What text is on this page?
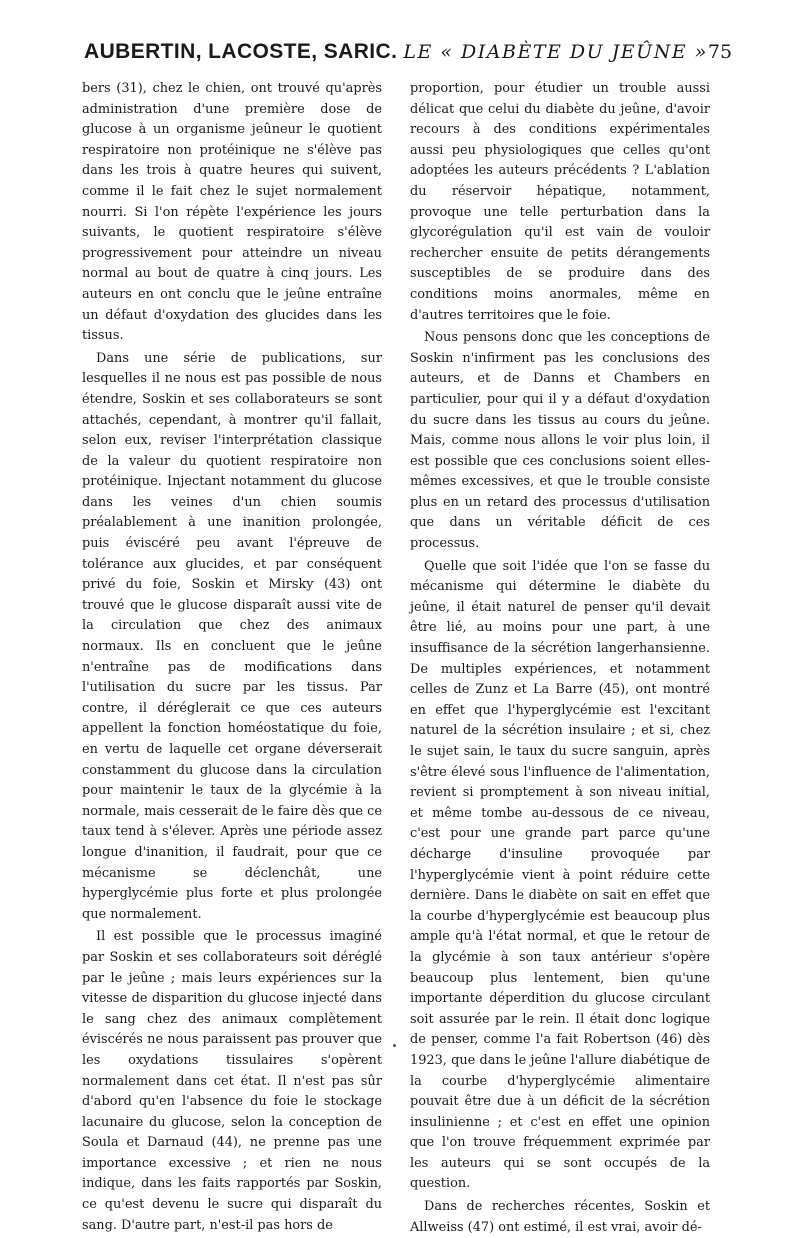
AUBERTIN, LACOSTE, SARIC. LE « DIABÈTE DU JEÛNE » 75

bers (31), chez le chien, ont trouvé qu'après administration d'une première dose de glucose à un organisme jeûneur le quotient respiratoire non protéinique ne s'élève pas dans les trois à quatre heures qui suivent, comme il le fait chez le sujet normalement nourri. Si l'on répète l'expérience les jours suivants, le quotient respiratoire s'élève progressivement pour atteindre un niveau normal au bout de quatre à cinq jours. Les auteurs en ont conclu que le jeûne entraîne un défaut d'oxydation des glucides dans les tissus.

Dans une série de publications, sur lesquelles il ne nous est pas possible de nous étendre, Soskin et ses collaborateurs se sont attachés, cependant, à montrer qu'il fallait, selon eux, reviser l'interprétation classique de la valeur du quotient respiratoire non protéinique. Injectant notamment du glucose dans les veines d'un chien soumis préalablement à une inanition prolongée, puis éviscéré peu avant l'épreuve de tolérance aux glucides, et par conséquent privé du foie, Soskin et Mirsky (43) ont trouvé que le glucose disparaît aussi vite de la circulation que chez des animaux normaux. Ils en concluent que le jeûne n'entraîne pas de modifications dans l'utilisation du sucre par les tissus. Par contre, il déréglerait ce que ces auteurs appellent la fonction homéostatique du foie, en vertu de laquelle cet organe déverserait constamment du glucose dans la circulation pour maintenir le taux de la glycémie à la normale, mais cesserait de le faire dès que ce taux tend à s'élever. Après une période assez longue d'inanition, il faudrait, pour que ce mécanisme se déclenchât, une hyperglycémie plus forte et plus prolongée que normalement.

Il est possible que le processus imaginé par Soskin et ses collaborateurs soit déréglé par le jeûne ; mais leurs expériences sur la vitesse de disparition du glucose injecté dans le sang chez des animaux complètement éviscérés ne nous paraissent pas prouver que les oxydations tissulaires s'opèrent normalement dans cet état. Il n'est pas sûr d'abord qu'en l'absence du foie le stockage lacunaire du glucose, selon la conception de Soula et Darnaud (44), ne prenne pas une importance excessive ; et rien ne nous indique, dans les faits rapportés par Soskin, ce qu'est devenu le sucre qui disparaît du sang. D'autre part, n'est-il pas hors de

proportion, pour étudier un trouble aussi délicat que celui du diabète du jeûne, d'avoir recours à des conditions expérimentales aussi peu physiologiques que celles qu'ont adoptées les auteurs précédents ? L'ablation du réservoir hépatique, notamment, provoque une telle perturbation dans la glycorégulation qu'il est vain de vouloir rechercher ensuite de petits dérangements susceptibles de se produire dans des conditions moins anormales, même en d'autres territoires que le foie.

Nous pensons donc que les conceptions de Soskin n'infirment pas les conclusions des auteurs, et de Danns et Chambers en particulier, pour qui il y a défaut d'oxydation du sucre dans les tissus au cours du jeûne. Mais, comme nous allons le voir plus loin, il est possible que ces conclusions soient elles-mêmes excessives, et que le trouble consiste plus en un retard des processus d'utilisation que dans un véritable déficit de ces processus.

Quelle que soit l'idée que l'on se fasse du mécanisme qui détermine le diabète du jeûne, il était naturel de penser qu'il devait être lié, au moins pour une part, à une insuffisance de la sécrétion langerhansienne. De multiples expériences, et notamment celles de Zunz et La Barre (45), ont montré en effet que l'hyperglycémie est l'excitant naturel de la sécrétion insulaire ; et si, chez le sujet sain, le taux du sucre sanguin, après s'être élevé sous l'influence de l'alimentation, revient si promptement à son niveau initial, et même tombe au-dessous de ce niveau, c'est pour une grande part parce qu'une décharge d'insuline provoquée par l'hyperglycémie vient à point réduire cette dernière. Dans le diabète on sait en effet que la courbe d'hyperglycémie est beaucoup plus ample qu'à l'état normal, et que le retour de la glycémie à son taux antérieur s'opère beaucoup plus lentement, bien qu'une importante déperdition du glucose circulant soit assurée par le rein. Il était donc logique de penser, comme l'a fait Robertson (46) dès 1923, que dans le jeûne l'allure diabétique de la courbe d'hyperglycémie alimentaire pouvait être due à un déficit de la sécrétion insulinienne ; et c'est en effet une opinion que l'on trouve fréquemment exprimée par les auteurs qui se sont occupés de la question.

Dans de recherches récentes, Soskin et Allweiss (47) ont estimé, il est vrai, avoir dé-
